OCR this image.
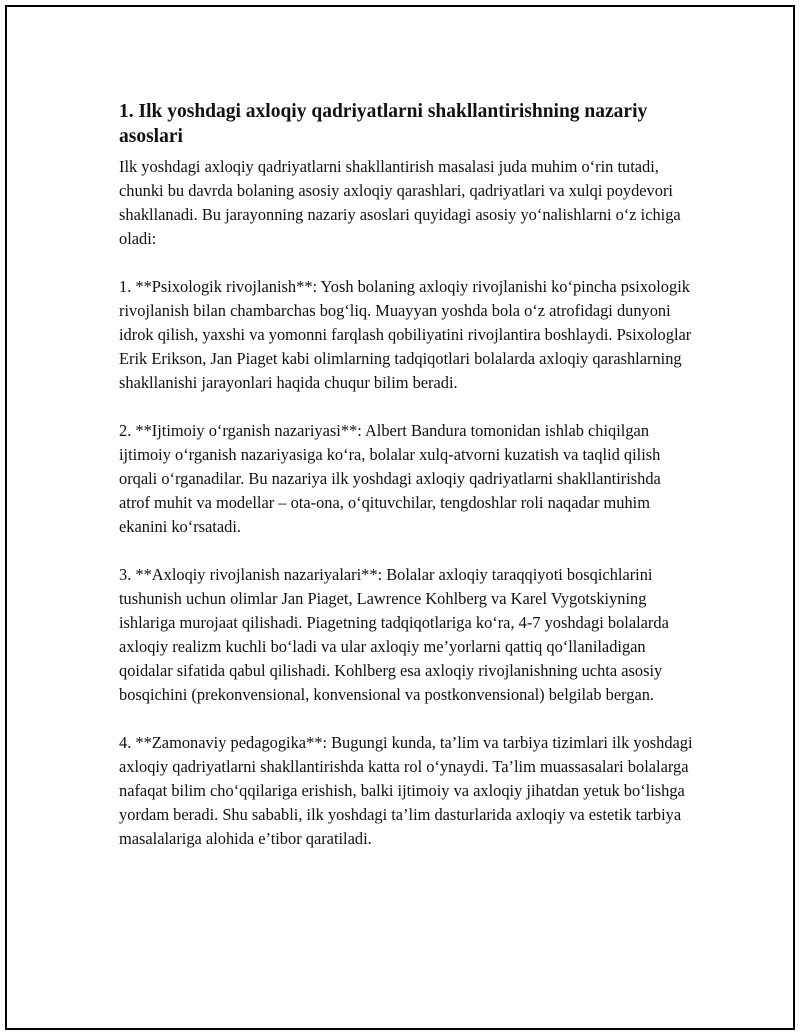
1. Ilk yoshdagi axloqiy qadriyatlarni shakllantirishning nazariy asoslari

Ilk yoshdagi axloqiy qadriyatlarni shakllantirish masalasi juda muhim o‘rin tutadi, chunki bu davrda bolaning asosiy axloqiy qarashlari, qadriyatlari va xulqi poydevori shakllanadi. Bu jarayonning nazariy asoslari quyidagi asosiy yo‘nalishlarni o‘z ichiga oladi:

1. **Psixologik rivojlanish**: Yosh bolaning axloqiy rivojlanishi ko‘pincha psixologik rivojlanish bilan chambarchas bog‘liq. Muayyan yoshda bola o‘z atrofidagi dunyoni idrok qilish, yaxshi va yomonni farqlash qobiliyatini rivojlantira boshlaydi. Psixologlar Erik Erikson, Jan Piaget kabi olimlarning tadqiqotlari bolalarda axloqiy qarashlarning shakllanishi jarayonlari haqida chuqur bilim beradi.

2. **Ijtimoiy o‘rganish nazariyasi**: Albert Bandura tomonidan ishlab chiqilgan ijtimoiy o‘rganish nazariyasiga ko‘ra, bolalar xulq-atvorni kuzatish va taqlid qilish orqali o‘rganadilar. Bu nazariya ilk yoshdagi axloqiy qadriyatlarni shakllantirishda atrof muhit va modellar – ota-ona, o‘qituvchilar, tengdoshlar roli naqadar muhim ekanini ko‘rsatadi.

3. **Axloqiy rivojlanish nazariyalari**: Bolalar axloqiy taraqqiyoti bosqichlarini tushunish uchun olimlar Jan Piaget, Lawrence Kohlberg va Karel Vygotskiyning ishlariga murojaat qilishadi. Piagetning tadqiqotlariga ko‘ra, 4-7 yoshdagi bolalarda axloqiy realizm kuchli bo‘ladi va ular axloqiy me’yorlarni qattiq qo‘llaniladigan qoidalar sifatida qabul qilishadi. Kohlberg esa axloqiy rivojlanishning uchta asosiy bosqichini (prekonvensional, konvensional va postkonvensional) belgilab bergan.

4. **Zamonaviy pedagogika**: Bugungi kunda, ta’lim va tarbiya tizimlari ilk yoshdagi axloqiy qadriyatlarni shakllantirishda katta rol o‘ynaydi. Ta’lim muassasalari bolalarga nafaqat bilim cho‘qqilariga erishish, balki ijtimoiy va axloqiy jihatdan yetuk bo‘lishga yordam beradi. Shu sababli, ilk yoshdagi ta’lim dasturlarida axloqiy va estetik tarbiya masalalariga alohida e’tibor qaratiladi.
